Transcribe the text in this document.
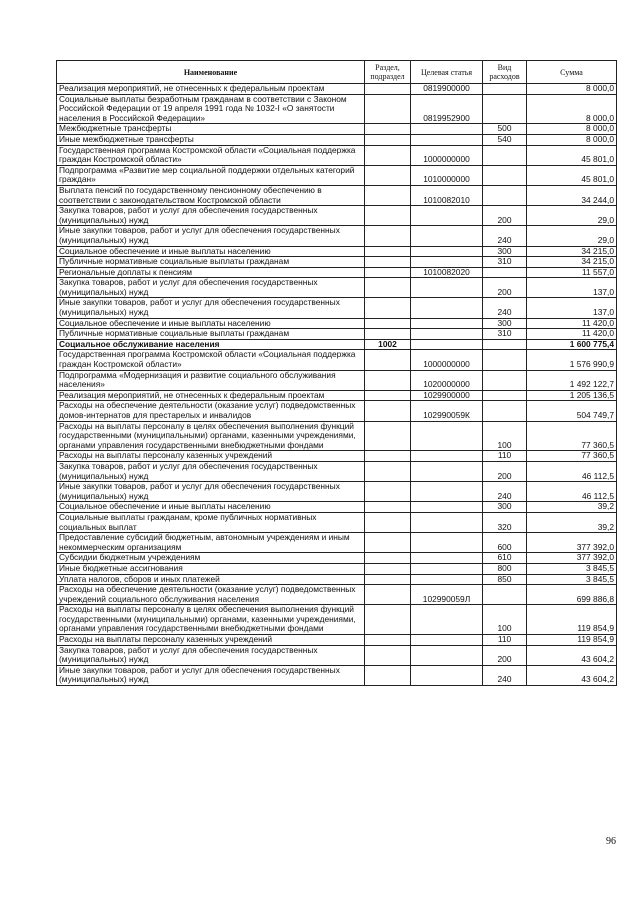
Наименование	Раздел, подраздел	Целевая статья	Вид расходов	Сумма
Реализация мероприятий, не отнесенных к федеральным проектам		0819900000		8 000,0
Социальные выплаты безработным гражданам в соответствии с Законом Российской Федерации от 19 апреля 1991 года № 1032-I «О занятости населения в Российской Федерации»		0819952900		8 000,0
Межбюджетные трансферты			500	8 000,0
Иные межбюджетные трансферты			540	8 000,0
Государственная программа Костромской области «Социальная поддержка граждан Костромской области»		1000000000		45 801,0
Подпрограмма «Развитие мер социальной поддержки отдельных категорий граждан»		1010000000		45 801,0
Выплата пенсий по государственному пенсионному обеспечению в соответствии с законодательством Костромской области		1010082010		34 244,0
Закупка товаров, работ и услуг для обеспечения государственных (муниципальных) нужд			200	29,0
Иные закупки товаров, работ и услуг для обеспечения государственных (муниципальных) нужд			240	29,0
Социальное обеспечение и иные выплаты населению			300	34 215,0
Публичные нормативные социальные выплаты гражданам			310	34 215,0
Региональные доплаты к пенсиям		1010082020		11 557,0
Закупка товаров, работ и услуг для обеспечения государственных (муниципальных) нужд			200	137,0
Иные закупки товаров, работ и услуг для обеспечения государственных (муниципальных) нужд			240	137,0
Социальное обеспечение и иные выплаты населению			300	11 420,0
Публичные нормативные социальные выплаты гражданам			310	11 420,0
Социальное обслуживание населения	1002			1 600 775,4
Государственная программа Костромской области «Социальная поддержка граждан Костромской области»		1000000000		1 576 990,9
Подпрограмма «Модернизация и развитие социального обслуживания населения»		1020000000		1 492 122,7
Реализация мероприятий, не отнесенных к федеральным проектам		1029900000		1 205 136,5
Расходы на обеспечение деятельности (оказание услуг) подведомственных домов-интернатов для престарелых и инвалидов		102990059К		504 749,7
Расходы на выплаты персоналу в целях обеспечения выполнения функций государственными (муниципальными) органами, казенными учреждениями, органами управления государственными внебюджетными фондами			100	77 360,5
Расходы на выплаты персоналу казенных учреждений			110	77 360,5
Закупка товаров, работ и услуг для обеспечения государственных (муниципальных) нужд			200	46 112,5
Иные закупки товаров, работ и услуг для обеспечения государственных (муниципальных) нужд			240	46 112,5
Социальное обеспечение и иные выплаты населению			300	39,2
Социальные выплаты гражданам, кроме публичных нормативных социальных выплат			320	39,2
Предоставление субсидий бюджетным, автономным учреждениям и иным некоммерческим организациям			600	377 392,0
Субсидии бюджетным учреждениям			610	377 392,0
Иные бюджетные ассигнования			800	3 845,5
Уплата налогов, сборов и иных платежей			850	3 845,5
Расходы на обеспечение деятельности (оказание услуг) подведомственных учреждений социального обслуживания населения		102990059Л		699 886,8
Расходы на выплаты персоналу в целях обеспечения выполнения функций государственными (муниципальными) органами, казенными учреждениями, органами управления государственными внебюджетными фондами			100	119 854,9
Расходы на выплаты персоналу казенных учреждений			110	119 854,9
Закупка товаров, работ и услуг для обеспечения государственных (муниципальных) нужд			200	43 604,2
Иные закупки товаров, работ и услуг для обеспечения государственных (муниципальных) нужд			240	43 604,2
96
